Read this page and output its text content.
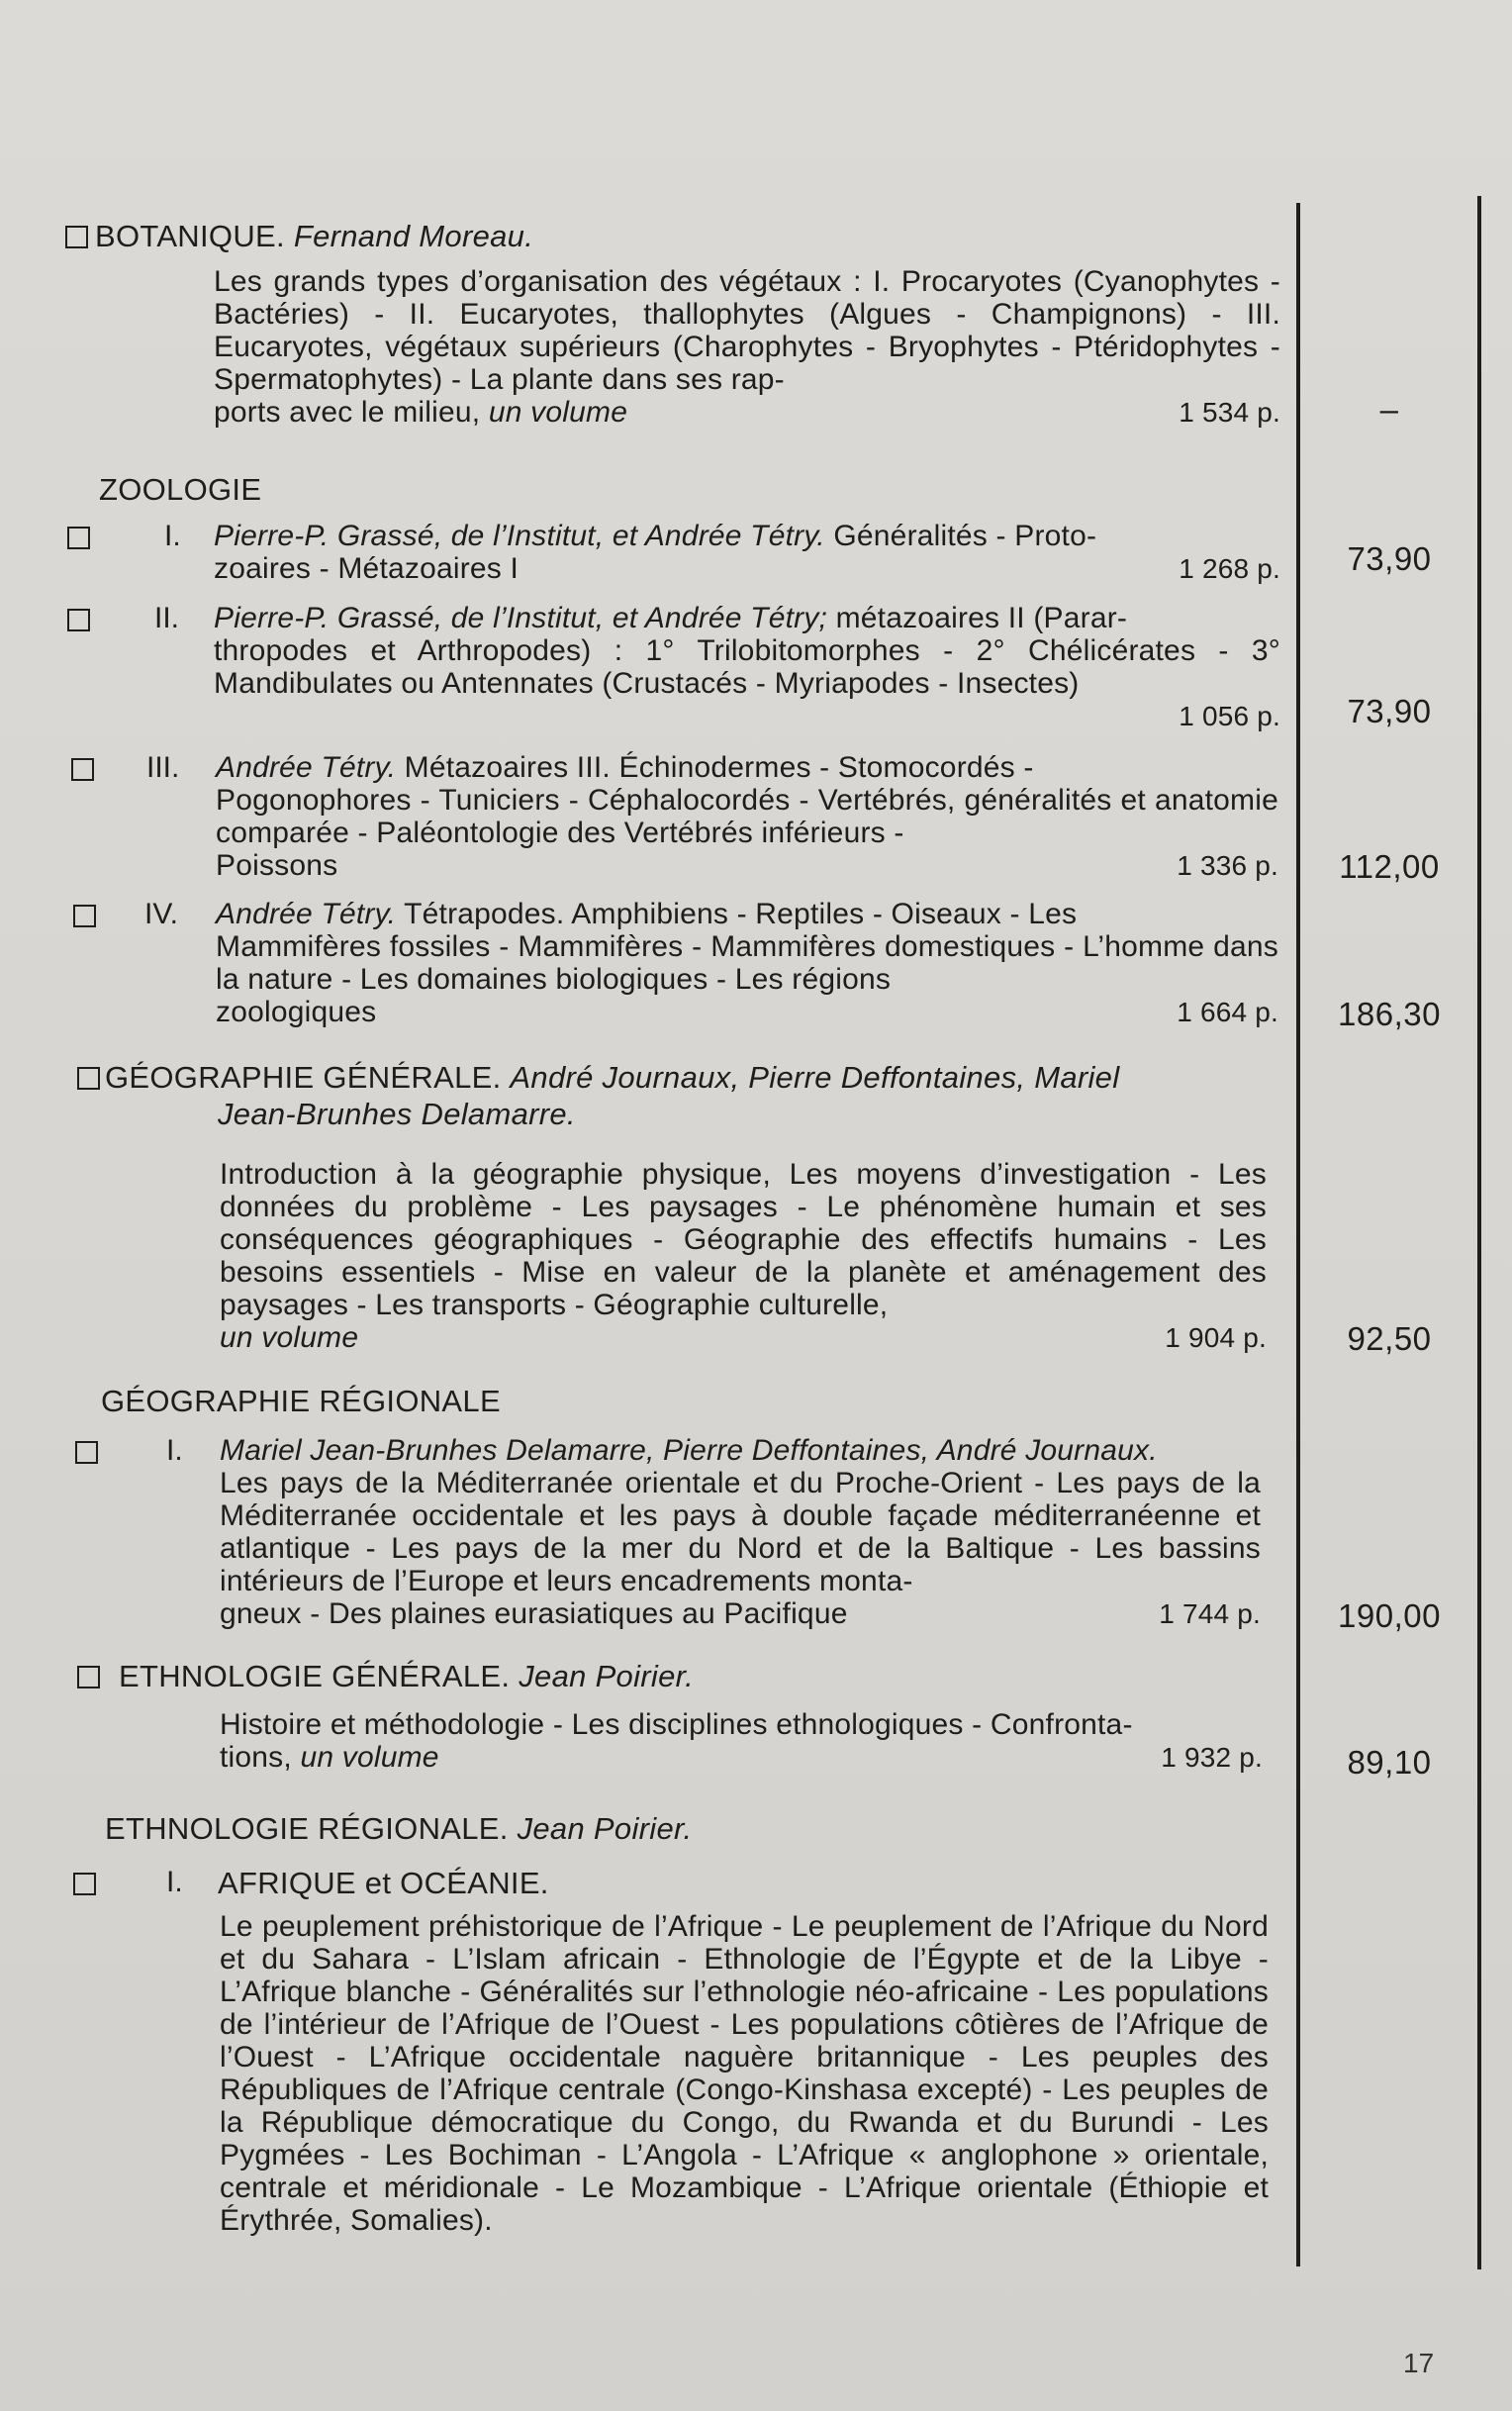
BOTANIQUE. Fernand Moreau.
Les grands types d’organisation des végétaux : I. Procaryotes (Cyanophytes - Bactéries) - II. Eucaryotes, thallophytes (Algues - Champignons) - III. Eucaryotes, végétaux supérieurs (Charophytes - Bryophytes - Ptéridophytes - Spermatophytes) - La plante dans ses rap-
ports avec le milieu, un volume	1 534 p.	–
ZOOLOGIE
I. Pierre-P. Grassé, de l’Institut, et Andrée Tétry. Généralités - Proto-
zoaires - Métazoaires I	1 268 p.	73,90
II. Pierre-P. Grassé, de l’Institut, et Andrée Tétry; métazoaires II (Parar-
thropodes et Arthropodes) : 1° Trilobitomorphes - 2° Chélicérates - 3° Mandibulates ou Antennates (Crustacés - Myriapodes - Insectes)
1 056 p.	73,90
III. Andrée Tétry. Métazoaires III. Échinodermes - Stomocordés -
Pogonophores - Tuniciers - Céphalocordés - Vertébrés, généralités et anatomie comparée - Paléontologie des Vertébrés inférieurs -
Poissons	1 336 p.	112,00
IV. Andrée Tétry. Tétrapodes. Amphibiens - Reptiles - Oiseaux - Les
Mammifères fossiles - Mammifères - Mammifères domestiques - L’homme dans la nature - Les domaines biologiques - Les régions
zoologiques	1 664 p.	186,30
GÉOGRAPHIE GÉNÉRALE. André Journaux, Pierre Deffontaines, Mariel
Jean-Brunhes Delamarre.
Introduction à la géographie physique, Les moyens d’investigation - Les données du problème - Les paysages - Le phénomène humain et ses conséquences géographiques - Géographie des effectifs humains - Les besoins essentiels - Mise en valeur de la planète et aménagement des paysages - Les transports - Géographie culturelle,
un volume	1 904 p.	92,50
GÉOGRAPHIE RÉGIONALE
I. Mariel Jean-Brunhes Delamarre, Pierre Deffontaines, André Journaux.
Les pays de la Méditerranée orientale et du Proche-Orient - Les pays de la Méditerranée occidentale et les pays à double façade méditerranéenne et atlantique - Les pays de la mer du Nord et de la Baltique - Les bassins intérieurs de l’Europe et leurs encadrements monta-
gneux - Des plaines eurasiatiques au Pacifique	1 744 p.	190,00
ETHNOLOGIE GÉNÉRALE. Jean Poirier.
Histoire et méthodologie - Les disciplines ethnologiques - Confronta-
tions, un volume	1 932 p.	89,10
ETHNOLOGIE RÉGIONALE. Jean Poirier.
I. AFRIQUE et OCÉANIE.
Le peuplement préhistorique de l’Afrique - Le peuplement de l’Afrique du Nord et du Sahara - L’Islam africain - Ethnologie de l’Égypte et de la Libye - L’Afrique blanche - Généralités sur l’ethnologie néo-africaine - Les populations de l’intérieur de l’Afrique de l’Ouest - Les populations côtières de l’Afrique de l’Ouest - L’Afrique occidentale naguère britannique - Les peuples des Républiques de l’Afrique centrale (Congo-Kinshasa excepté) - Les peuples de la République démocratique du Congo, du Rwanda et du Burundi - Les Pygmées - Les Bochiman - L’Angola - L’Afrique « anglophone » orientale, centrale et méridionale - Le Mozambique - L’Afrique orientale (Éthiopie et Érythrée, Somalies).
17
